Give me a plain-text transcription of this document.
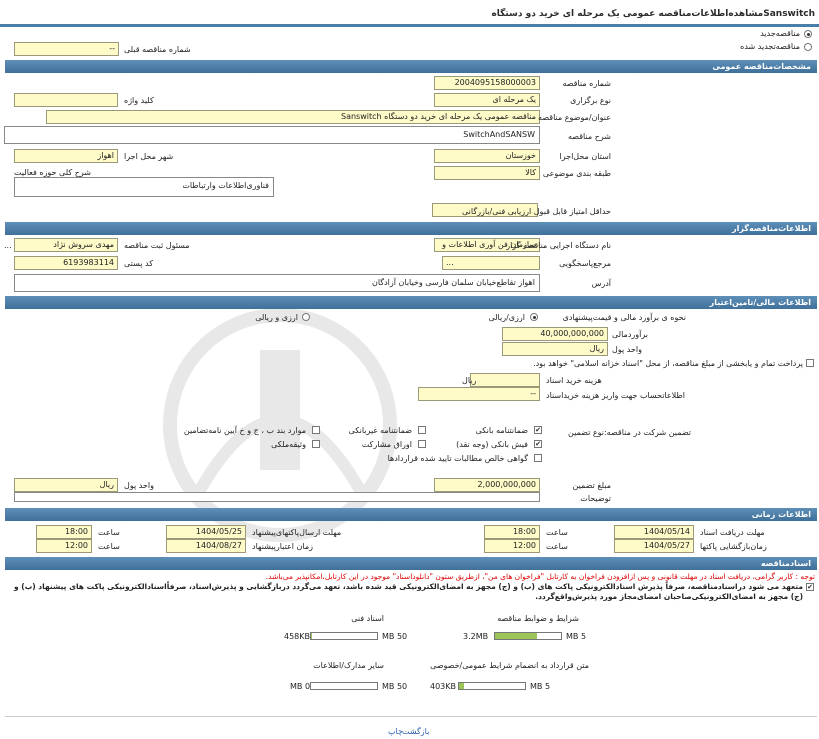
مشاهده‌اطلاعات‌مناقصه عمومی یک مرحله ای خرید دو دستگاهSanswitch
مناقصه‌جدید
مناقصه‌تجدید شده
--	شماره مناقصه قبلی
مشخصات‌مناقصه عمومی
2004095158000003	شماره مناقصه
یک مرحله ای	نوع برگزاری
کلید واژه
مناقصه عمومی یک مرحله ای خرید دو دستگاه Sanswitch عنوان/موضوع مناقصه
SwitchAndSANSW	شرح مناقصه
خوزستان	استان محل‌اجرا
اهواز	شهر محل اجرا
کالا طبقه بندی موضوعی
شرح کلی حوزه فعالیت
فناوری‌اطلاعات وارتباطات
حداقل امتیاز قابل قبول ارزیابی فنی/بازرگانی
اطلاعات‌مناقصه‌گزار
سازمان فن آوری اطلاعات و
نام دستگاه اجرایی مناقصه گزار
...	مهدی سروش نژاد	مسئول ثبت مناقصه
...	مرجع‌پاسخگویی
6193983114	کد پستی
اهواز تقاطع‌خیابان سلمان فارسی وخیابان آزادگان	آدرس
اطلاعات مالی/تامین‌اعتبار
نحوه ی برآورد مالی و قیمت‌پیشنهادی
ارزی/ریالی
ارزی و ریالی
40,000,000,000	برآوردمالی
ریال	واحد پول
پرداخت تمام و یابخشی از مبلغ مناقصه، از محل "اسناد خزانه اسلامی" خواهد بود.
ریال	هزینه خرید اسناد
--	اطلاعاتحساب جهت واریز هزینه خریداسناد
تضمین شرکت در مناقصه:
نوع تضمین
✔
ضمانتنامه بانکی
ضمانتنامه غیربانکی
موارد بند ب ، ج و خ آیین نامه‌تضامین
✔
فیش بانکی (وجه نقد)
اوراق مشارکت
وثیقه‌ملکی
گواهی خالص مطالبات تایید شده قراردادها
2,000,000,000	مبلغ تضمین
ریال	واحد پول
توضیحات
اطلاعات زمانی
1404/05/14	مهلت دریافت اسناد
18:00	ساعت
1404/05/25	مهلت ارسال‌پاکتهای‌پیشنهاد
18:00	ساعت
1404/05/27	زمان‌بازگشایی پاکتها
12:00	ساعت
1404/08/27	زمان اعتبارپیشنهاد
12:00	ساعت
اسنادمناقصه
توجه : کاربر گرامی، دریافت اسناد در مهلت قانونی و پس ازافزودن فراخوان به کارتابل "فراخوان های من"، ازطریق ستون "دانلوداسناد" موجود در این کارتابل،امکانپذیر می‌باشد.
✔
متعهد می شود دراسنادمناقصه، صرفاً پذیرش اسنادالکترونیکی پاکت های (ب) و (ج) مجهز به امضای‌الکترونیکی قید شده باشد، تعهد می‌گردد دربازگشایی و پذیرش‌اسناد، صرفاًاسنادالکترونیکی پاکت های پیشنهاد (ب) و (ج) مجهز به امضای‌الکترونیکی‌صاحبان امضای‌مجاز مورد پذیرش‌واقع‌گردد.
شرایط و ضوابط مناقصه
3.2MB	5 MB
اسناد فنی
458KB	50 MB
متن قرارداد به انضمام شرایط عمومی/خصوصی
403KB	5 MB
سایر مدارک/اطلاعات
0 MB	50 MB
چاپ بازگشت
